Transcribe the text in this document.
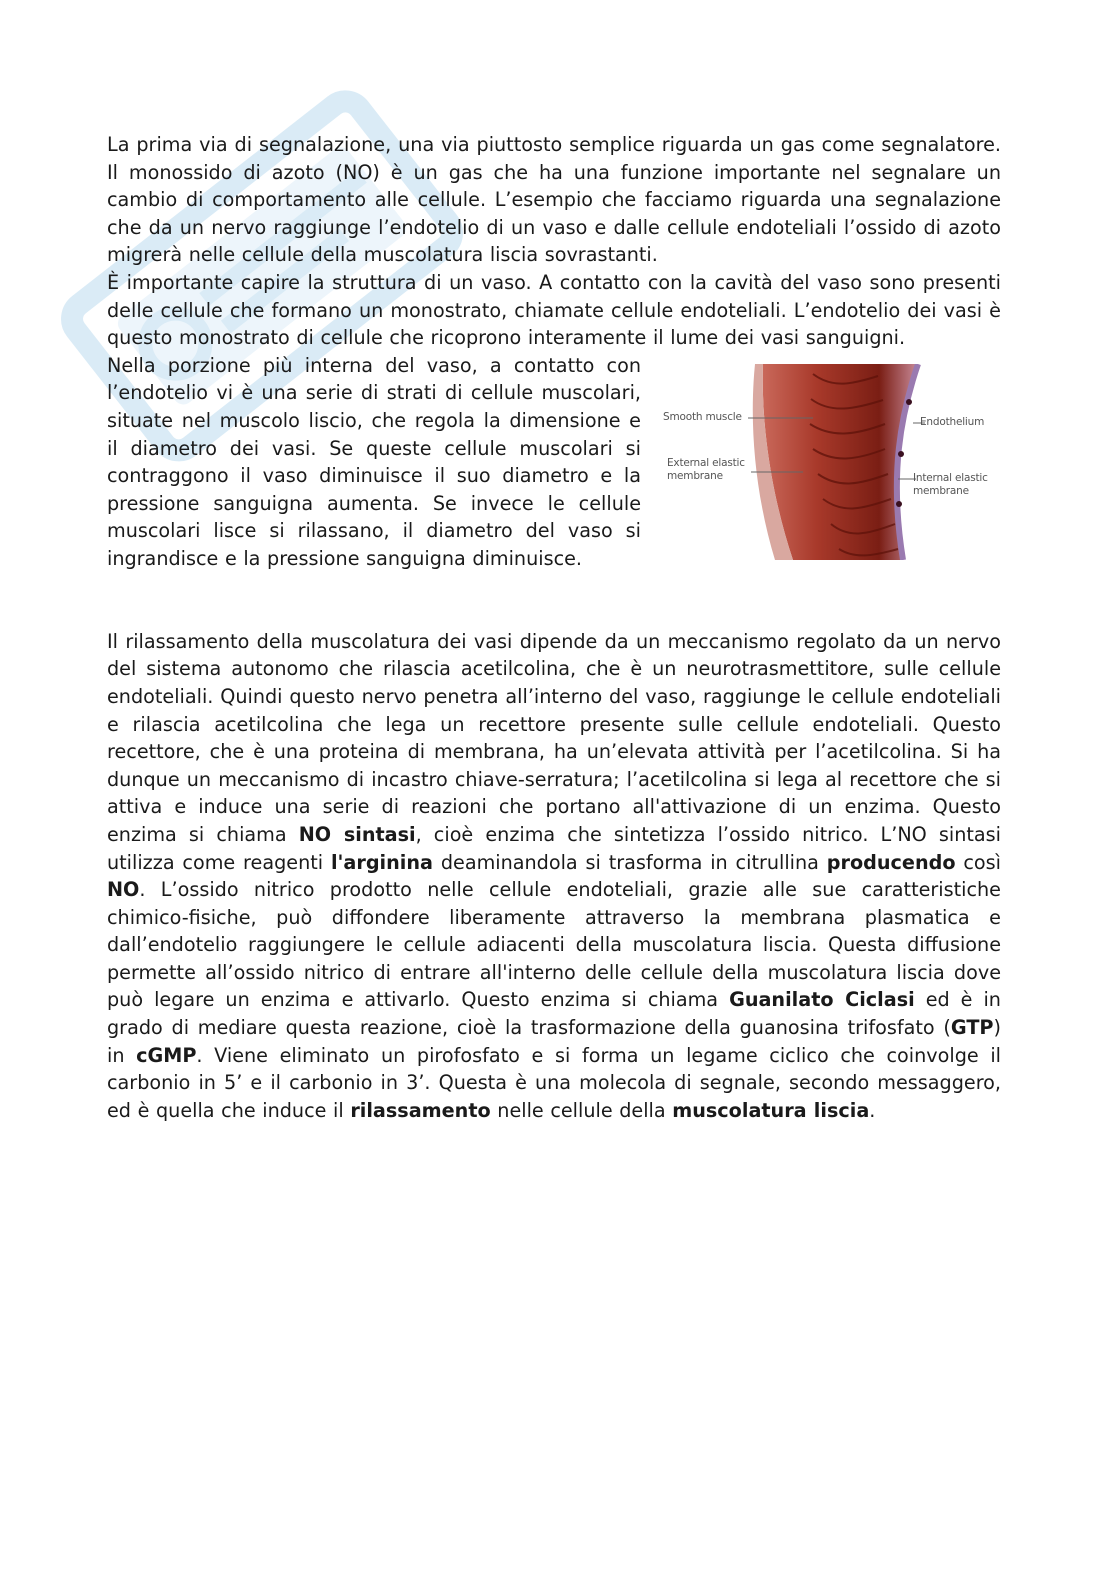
La prima via di segnalazione, una via piuttosto semplice riguarda un gas come segnalatore. Il monossido di azoto (NO) è un gas che ha una funzione importante nel segnalare un cambio di comportamento alle cellule. L’esempio che facciamo riguarda una segnalazione che da un nervo raggiunge l’endotelio di un vaso e dalle cellule endoteliali l’ossido di azoto migrerà nelle cellule della muscolatura liscia sovrastanti.

È importante capire la struttura di un vaso. A contatto con la cavità del vaso sono presenti delle cellule che formano un monostrato, chiamate cellule endoteliali. L’endotelio dei vasi è questo monostrato di cellule che ricoprono interamente il lume dei vasi sanguigni.

Nella porzione più interna del vaso, a contatto con l’endotelio vi è una serie di strati di cellule muscolari, situate nel muscolo liscio, che regola la dimensione e il diametro dei vasi. Se queste cellule muscolari si contraggono il vaso diminuisce il suo diametro e la pressione sanguigna aumenta. Se invece le cellule muscolari lisce si rilassano, il diametro del vaso si ingrandisce e la pressione sanguigna diminuisce.

Smooth muscle
External elastic membrane
Endothelium
Internal elastic membrane

Il rilassamento della muscolatura dei vasi dipende da un meccanismo regolato da un nervo del sistema autonomo che rilascia acetilcolina, che è un neurotrasmettitore, sulle cellule endoteliali. Quindi questo nervo penetra all’interno del vaso, raggiunge le cellule endoteliali e rilascia acetilcolina che lega un recettore presente sulle cellule endoteliali. Questo recettore, che è una proteina di membrana, ha un’elevata attività per l’acetilcolina. Si ha dunque un meccanismo di incastro chiave-serratura; l’acetilcolina si lega al recettore che si attiva e induce una serie di reazioni che portano all'attivazione di un enzima. Questo enzima si chiama NO sintasi, cioè enzima che sintetizza l’ossido nitrico. L’NO sintasi utilizza come reagenti l'arginina deaminandola si trasforma in citrullina producendo così NO. L’ossido nitrico prodotto nelle cellule endoteliali, grazie alle sue caratteristiche chimico-fisiche, può diffondere liberamente attraverso la membrana plasmatica e dall’endotelio raggiungere le cellule adiacenti della muscolatura liscia. Questa diffusione permette all’ossido nitrico di entrare all'interno delle cellule della muscolatura liscia dove può legare un enzima e attivarlo. Questo enzima si chiama Guanilato Ciclasi ed è in grado di mediare questa reazione, cioè la trasformazione della guanosina trifosfato (GTP) in cGMP. Viene eliminato un pirofosfato e si forma un legame ciclico che coinvolge il carbonio in 5’ e il carbonio in 3’. Questa è una molecola di segnale, secondo messaggero, ed è quella che induce il rilassamento nelle cellule della muscolatura liscia.
